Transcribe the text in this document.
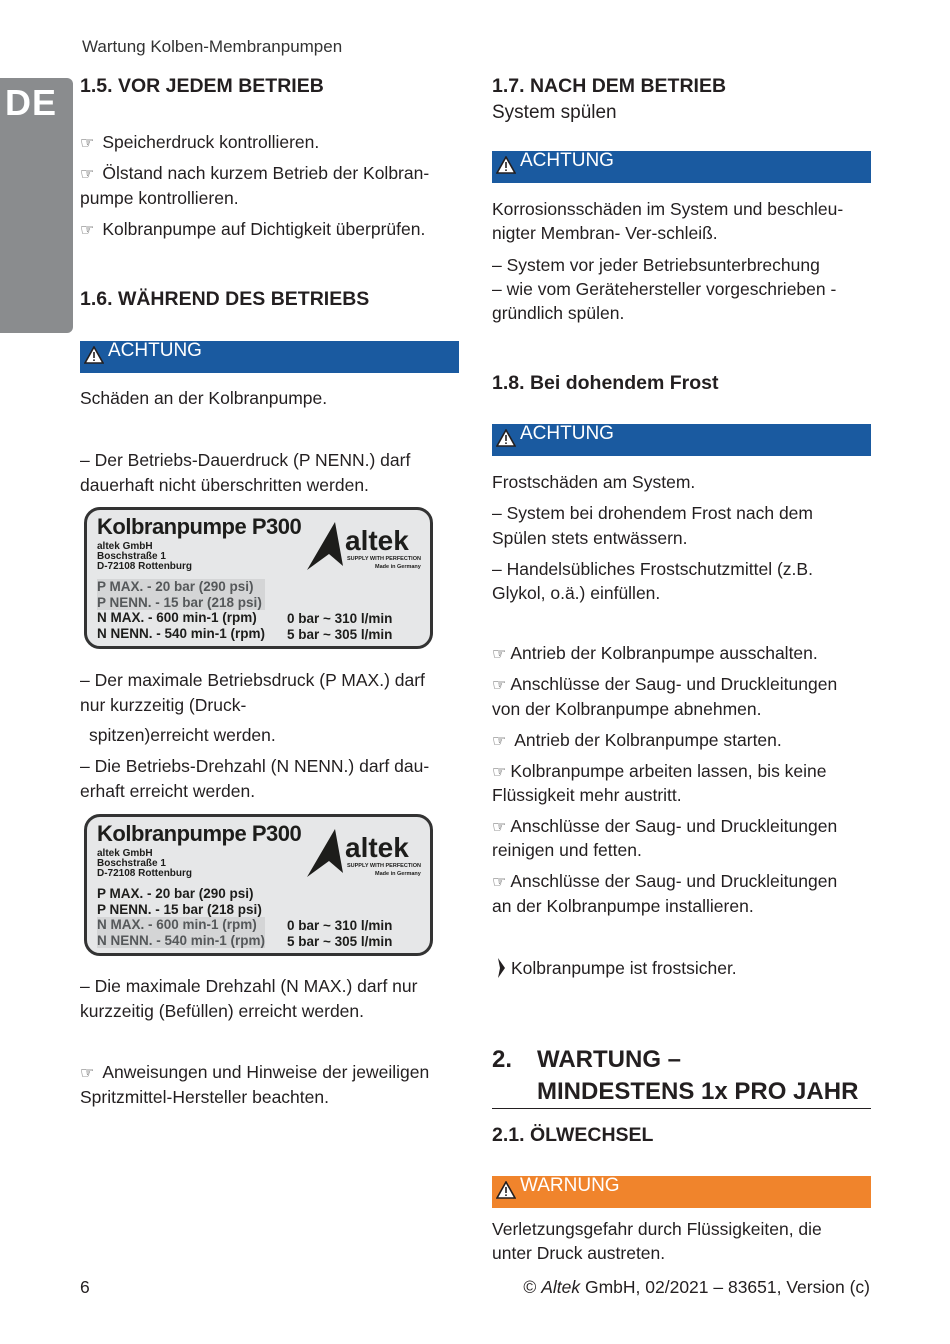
Wartung Kolben-Membranpumpen
DE 1.5. VOR JEDEM BETRIEB
☞ Speicherdruck kontrollieren.
☞ Ölstand nach kurzem Betrieb der Kolbran-
pumpe kontrollieren.
☞ Kolbranpumpe auf Dichtigkeit überprüfen.
1.6. WÄHREND DES BETRIEBS
ACHTUNG
Schäden an der Kolbranpumpe.
– Der Betriebs-Dauerdruck (P NENN.) darf
dauerhaft nicht überschritten werden.
Kolbranpumpe P300
altek GmbH
Boschstraße 1
D-72108 Rottenburg
altek
SUPPLY WITH PERFECTION
Made in Germany
P MAX. - 20 bar (290 psi)
P NENN. - 15 bar (218 psi)
N MAX. - 600 min-1 (rpm)
N NENN. - 540 min-1 (rpm)
0 bar ~ 310 l/min
5 bar ~ 305 l/min
– Der maximale Betriebsdruck (P MAX.) darf
nur kurzzeitig (Druck-
spitzen)erreicht werden.
– Die Betriebs-Drehzahl (N NENN.) darf dau-
erhaft erreicht werden.
Kolbranpumpe P300
altek GmbH
Boschstraße 1
D-72108 Rottenburg
altek
SUPPLY WITH PERFECTION
Made in Germany
P MAX. - 20 bar (290 psi)
P NENN. - 15 bar (218 psi)
N MAX. - 600 min-1 (rpm)
N NENN. - 540 min-1 (rpm)
0 bar ~ 310 l/min
5 bar ~ 305 l/min
– Die maximale Drehzahl (N MAX.) darf nur
kurzzeitig (Befüllen) erreicht werden.
☞ Anweisungen und Hinweise der jeweiligen
Spritzmittel-Hersteller beachten.
1.7. NACH DEM BETRIEB
System spülen
ACHTUNG
Korrosionsschäden im System und beschleu-
nigter Membran- Ver-schleiß.
– System vor jeder Betriebsunterbrechung
– wie vom Gerätehersteller vorgeschrieben -
gründlich spülen.
1.8. Bei dohendem Frost
ACHTUNG
Frostschäden am System.
– System bei drohendem Frost nach dem
Spülen stets entwässern.
– Handelsübliches Frostschutzmittel (z.B.
Glykol, o.ä.) einfüllen.
☞ Antrieb der Kolbranpumpe ausschalten.
☞ Anschlüsse der Saug- und Druckleitungen
von der Kolbranpumpe abnehmen.
☞ Antrieb der Kolbranpumpe starten.
☞ Kolbranpumpe arbeiten lassen, bis keine
Flüssigkeit mehr austritt.
☞ Anschlüsse der Saug- und Druckleitungen
reinigen und fetten.
☞ Anschlüsse der Saug- und Druckleitungen
an der Kolbranpumpe installieren.
Kolbranpumpe ist frostsicher.
2. WARTUNG –
MINDESTENS 1x PRO JAHR
2.1. ÖLWECHSEL
WARNUNG
Verletzungsgefahr durch Flüssigkeiten, die
unter Druck austreten.
6	© Altek GmbH, 02/2021 – 83651, Version (c)
